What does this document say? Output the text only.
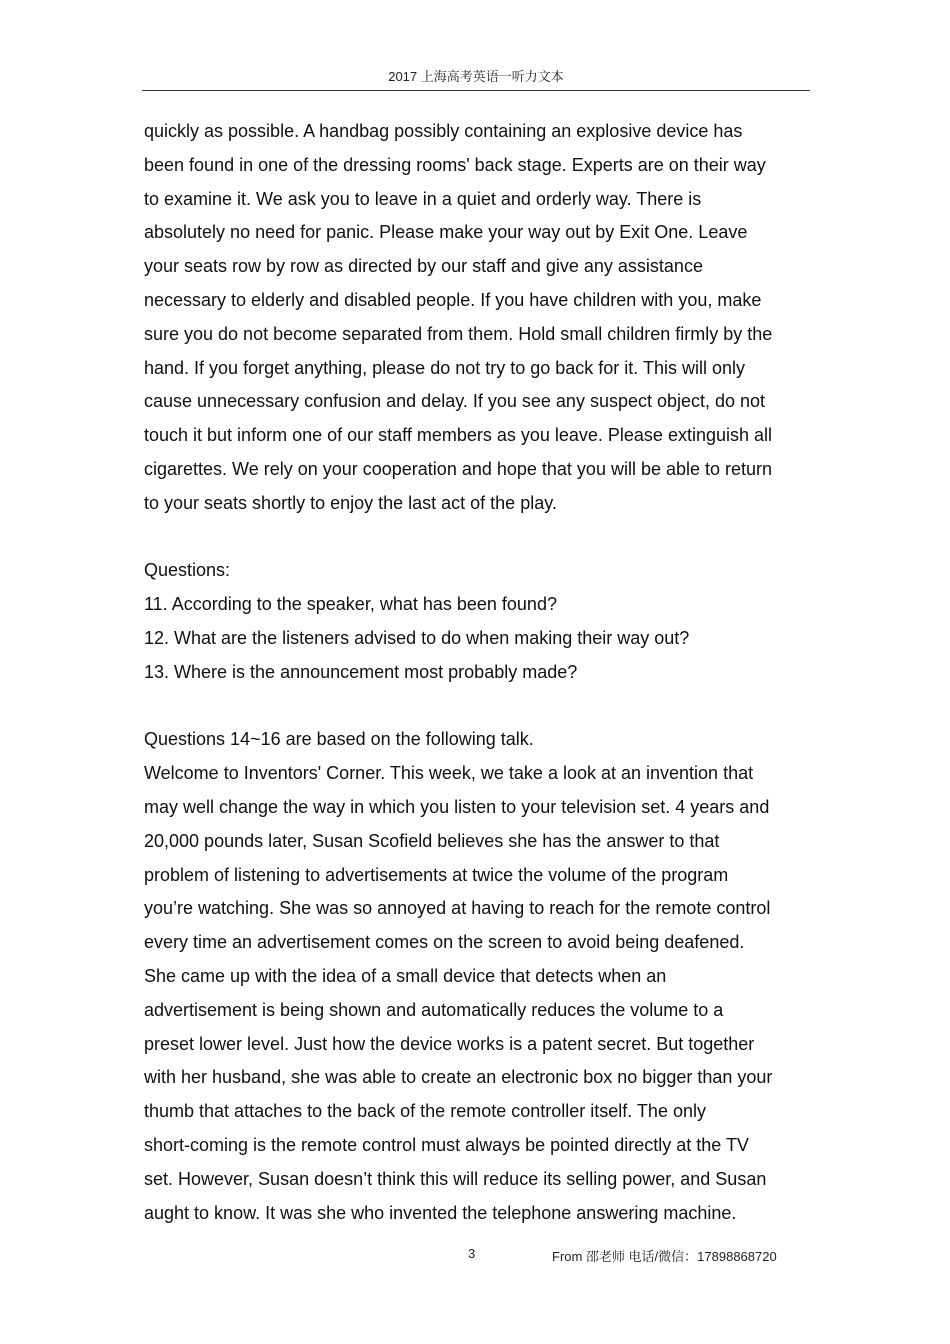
2017 上海高考英语一听力文本
quickly as possible. A handbag possibly containing an explosive device has
been found in one of the dressing rooms' back stage. Experts are on their way
to examine it. We ask you to leave in a quiet and orderly way. There is
absolutely no need for panic. Please make your way out by Exit One. Leave
your seats row by row as directed by our staff and give any assistance
necessary to elderly and disabled people. If you have children with you, make
sure you do not become separated from them. Hold small children firmly by the
hand. If you forget anything, please do not try to go back for it. This will only
cause unnecessary confusion and delay. If you see any suspect object, do not
touch it but inform one of our staff members as you leave. Please extinguish all
cigarettes. We rely on your cooperation and hope that you will be able to return
to your seats shortly to enjoy the last act of the play.
Questions:
11. According to the speaker, what has been found?
12. What are the listeners advised to do when making their way out?
13. Where is the announcement most probably made?
Questions 14~16 are based on the following talk.
Welcome to Inventors' Corner. This week, we take a look at an invention that
may well change the way in which you listen to your television set. 4 years and
20,000 pounds later, Susan Scofield believes she has the answer to that
problem of listening to advertisements at twice the volume of the program
you’re watching. She was so annoyed at having to reach for the remote control
every time an advertisement comes on the screen to avoid being deafened.
She came up with the idea of a small device that detects when an
advertisement is being shown and automatically reduces the volume to a
preset lower level. Just how the device works is a patent secret. But together
with her husband, she was able to create an electronic box no bigger than your
thumb that attaches to the back of the remote controller itself. The only
short-coming is the remote control must always be pointed directly at the TV
set. However, Susan doesn’t think this will reduce its selling power, and Susan
aught to know. It was she who invented the telephone answering machine.
3	From 邵老师 电话/微信：17898868720
